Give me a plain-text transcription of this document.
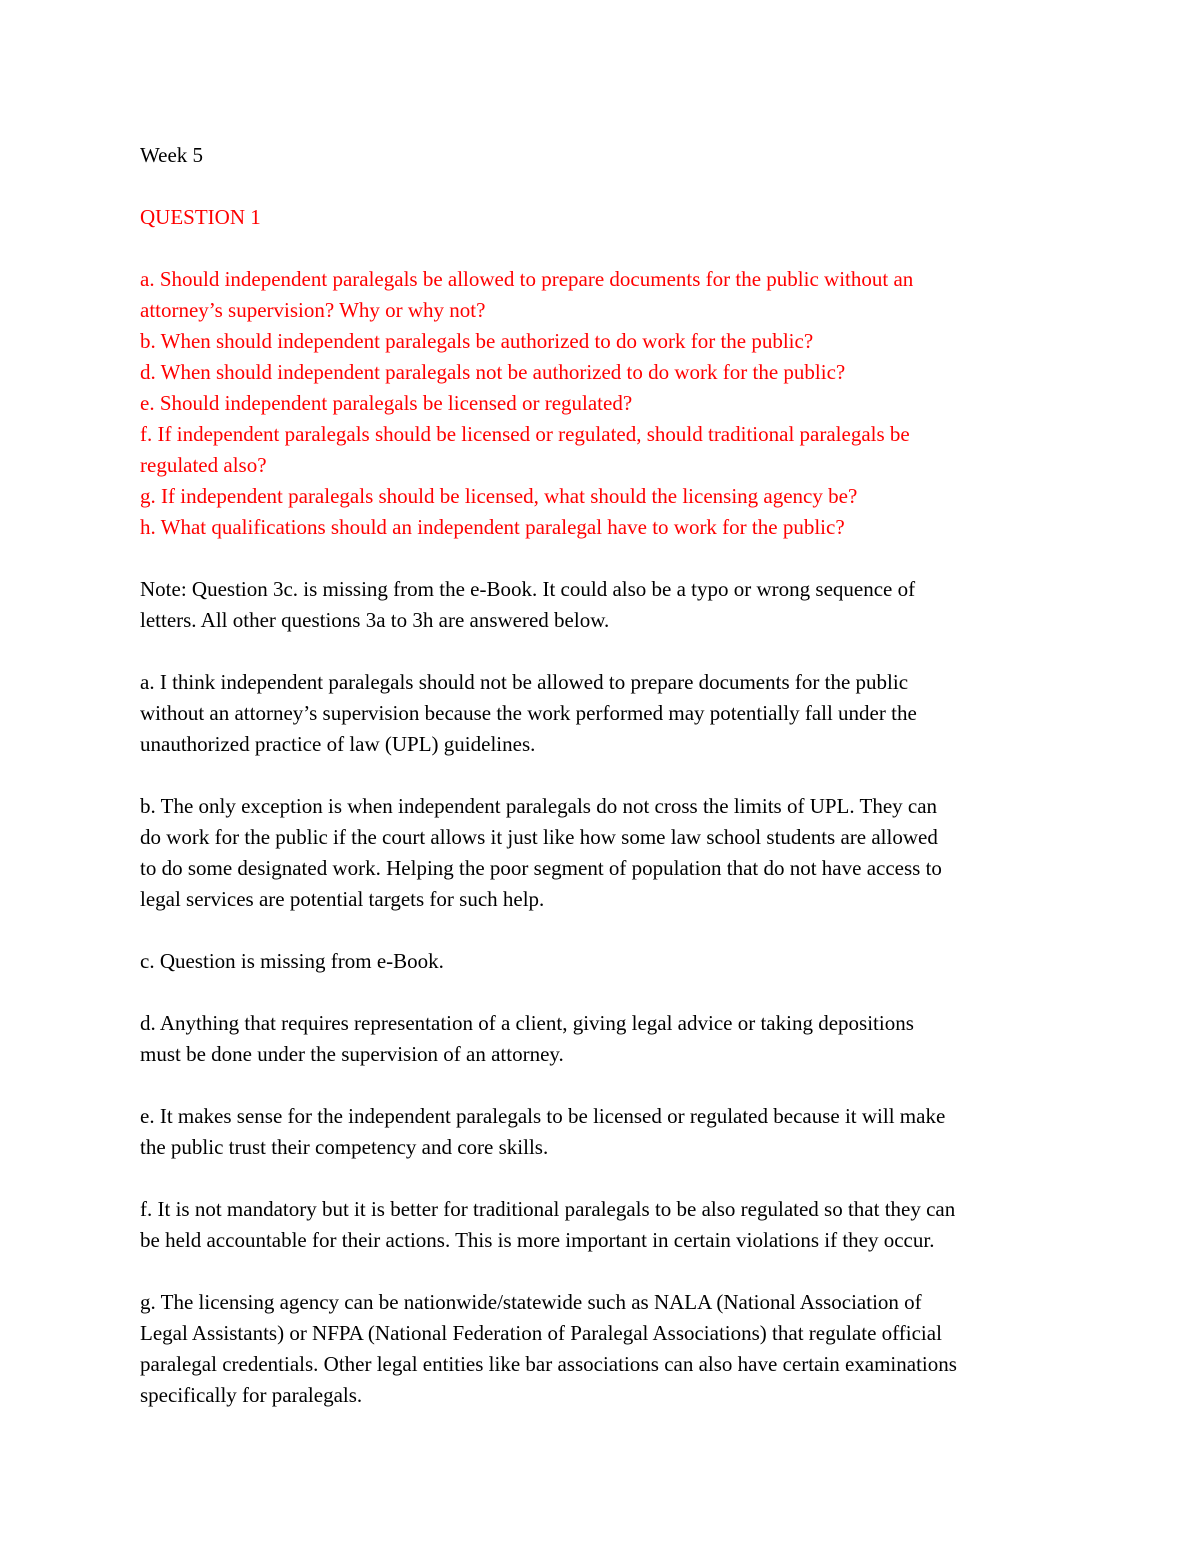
Week 5

QUESTION 1

a. Should independent paralegals be allowed to prepare documents for the public without an

attorney’s supervision? Why or why not?

b. When should independent paralegals be authorized to do work for the public?

d. When should independent paralegals not be authorized to do work for the public?

e. Should independent paralegals be licensed or regulated?

f. If independent paralegals should be licensed or regulated, should traditional paralegals be

regulated also?

g. If independent paralegals should be licensed, what should the licensing agency be?

h. What qualifications should an independent paralegal have to work for the public?

Note: Question 3c. is missing from the e-Book. It could also be a typo or wrong sequence of

letters. All other questions 3a to 3h are answered below.

a. I think independent paralegals should not be allowed to prepare documents for the public

without an attorney’s supervision because the work performed may potentially fall under the

unauthorized practice of law (UPL) guidelines.

b. The only exception is when independent paralegals do not cross the limits of UPL. They can

do work for the public if the court allows it just like how some law school students are allowed

to do some designated work. Helping the poor segment of population that do not have access to

legal services are potential targets for such help.

c. Question is missing from e-Book.

d. Anything that requires representation of a client, giving legal advice or taking depositions

must be done under the supervision of an attorney.

e. It makes sense for the independent paralegals to be licensed or regulated because it will make

the public trust their competency and core skills.

f. It is not mandatory but it is better for traditional paralegals to be also regulated so that they can

be held accountable for their actions. This is more important in certain violations if they occur.

g. The licensing agency can be nationwide/statewide such as NALA (National Association of

Legal Assistants) or NFPA (National Federation of Paralegal Associations) that regulate official

paralegal credentials. Other legal entities like bar associations can also have certain examinations

specifically for paralegals.
